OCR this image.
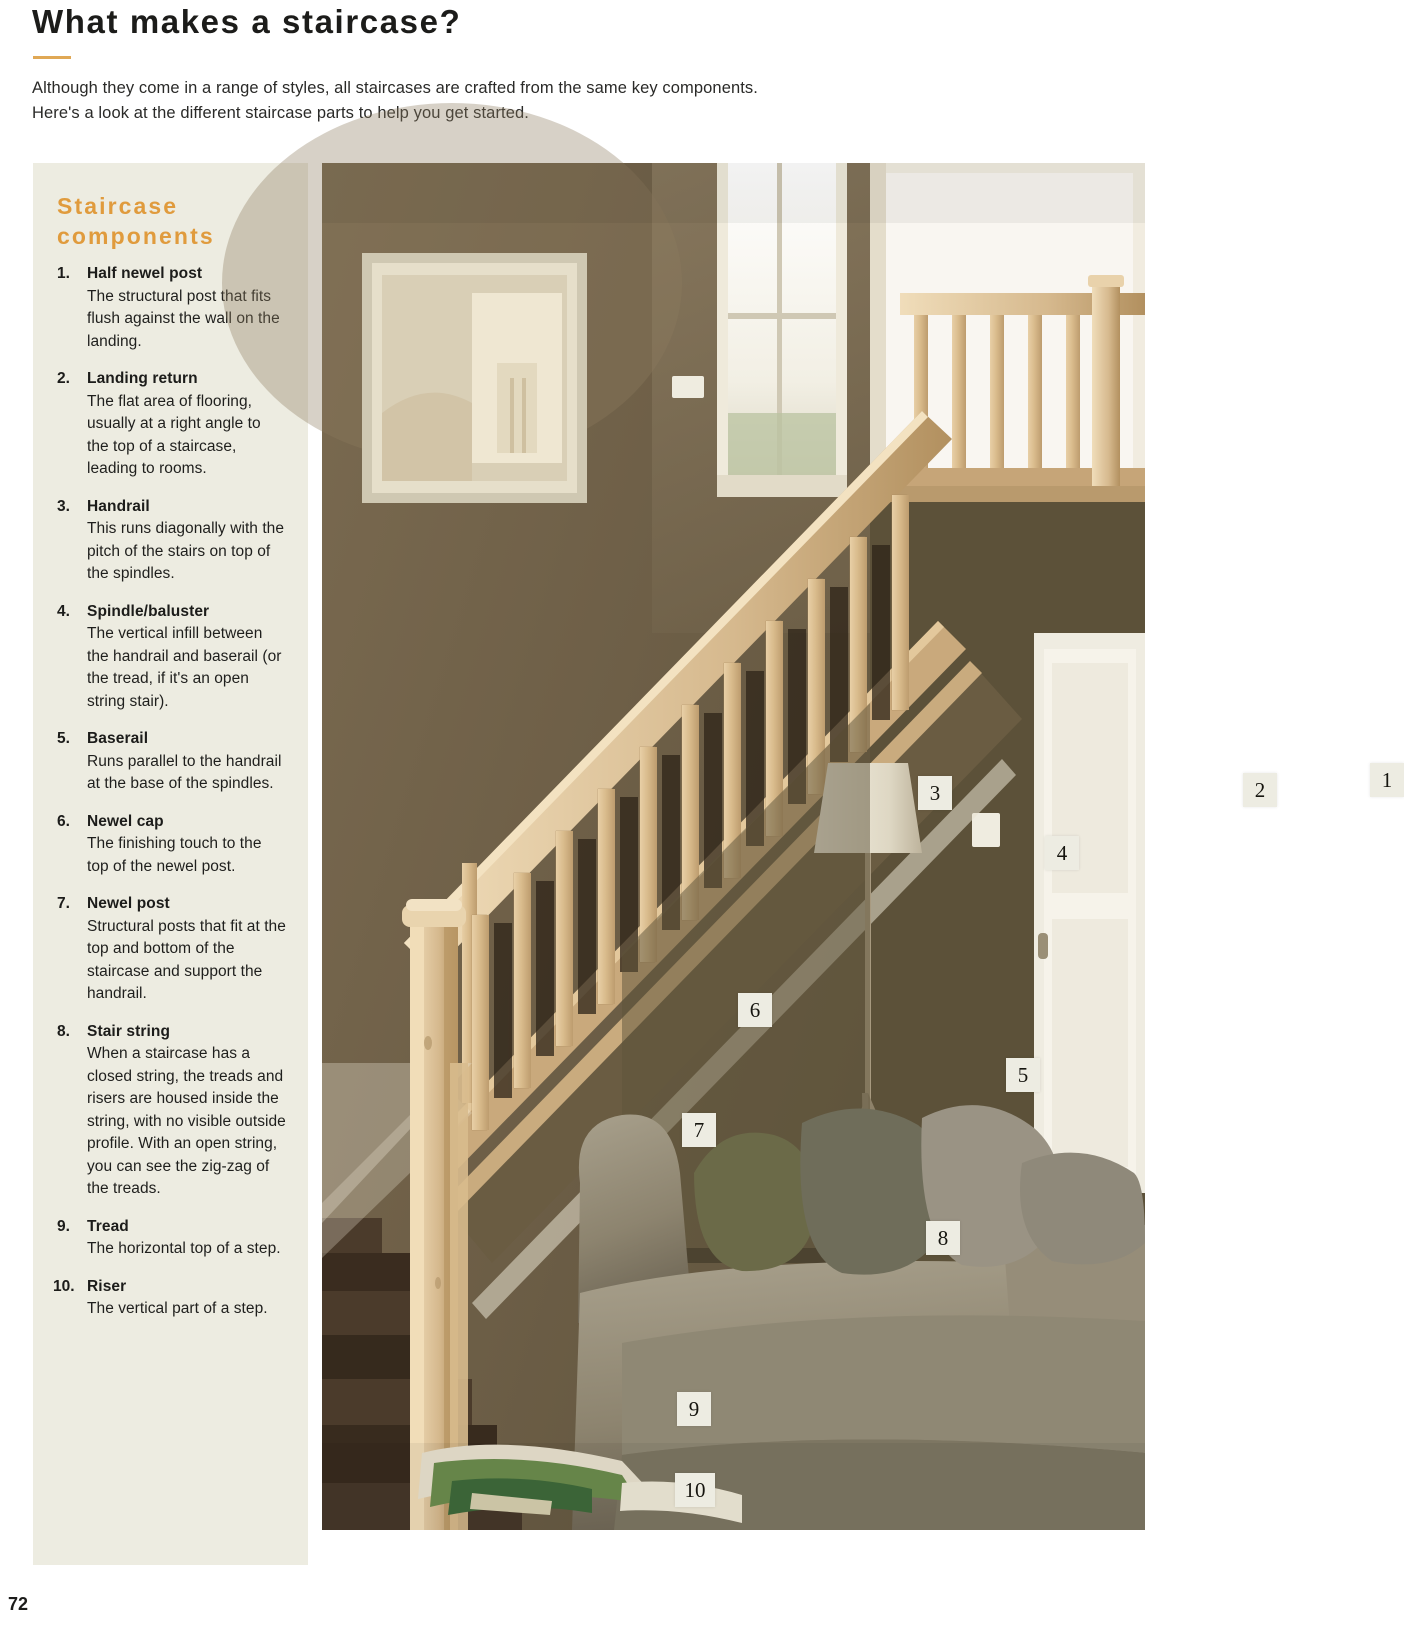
What makes a staircase?

Although they come in a range of styles, all staircases are crafted from the same key components. Here's a look at the different staircase parts to help you get started.

Staircase components
1.	Half newel post
The structural post that fits flush against the wall on the landing.
2.	Landing return
The flat area of flooring, usually at a right angle to the top of a staircase, leading to rooms.
3.	Handrail
This runs diagonally with the pitch of the stairs on top of the spindles.
4.	Spindle/baluster
The vertical infill between the handrail and baserail (or the tread, if it's an open string stair).
5.	Baserail
Runs parallel to the handrail at the base of the spindles.
6.	Newel cap
The finishing touch to the top of the newel post.
7.	Newel post
Structural posts that fit at the top and bottom of the staircase and support the handrail.
8.	Stair string
When a staircase has a closed string, the treads and risers are housed inside the string, with no visible outside profile. With an open string, you can see the zig-zag of the treads.
9.	Tread
The horizontal top of a step.
10. Riser
The vertical part of a step.
1
2
3
4
5
6
7
8
9
10
72
